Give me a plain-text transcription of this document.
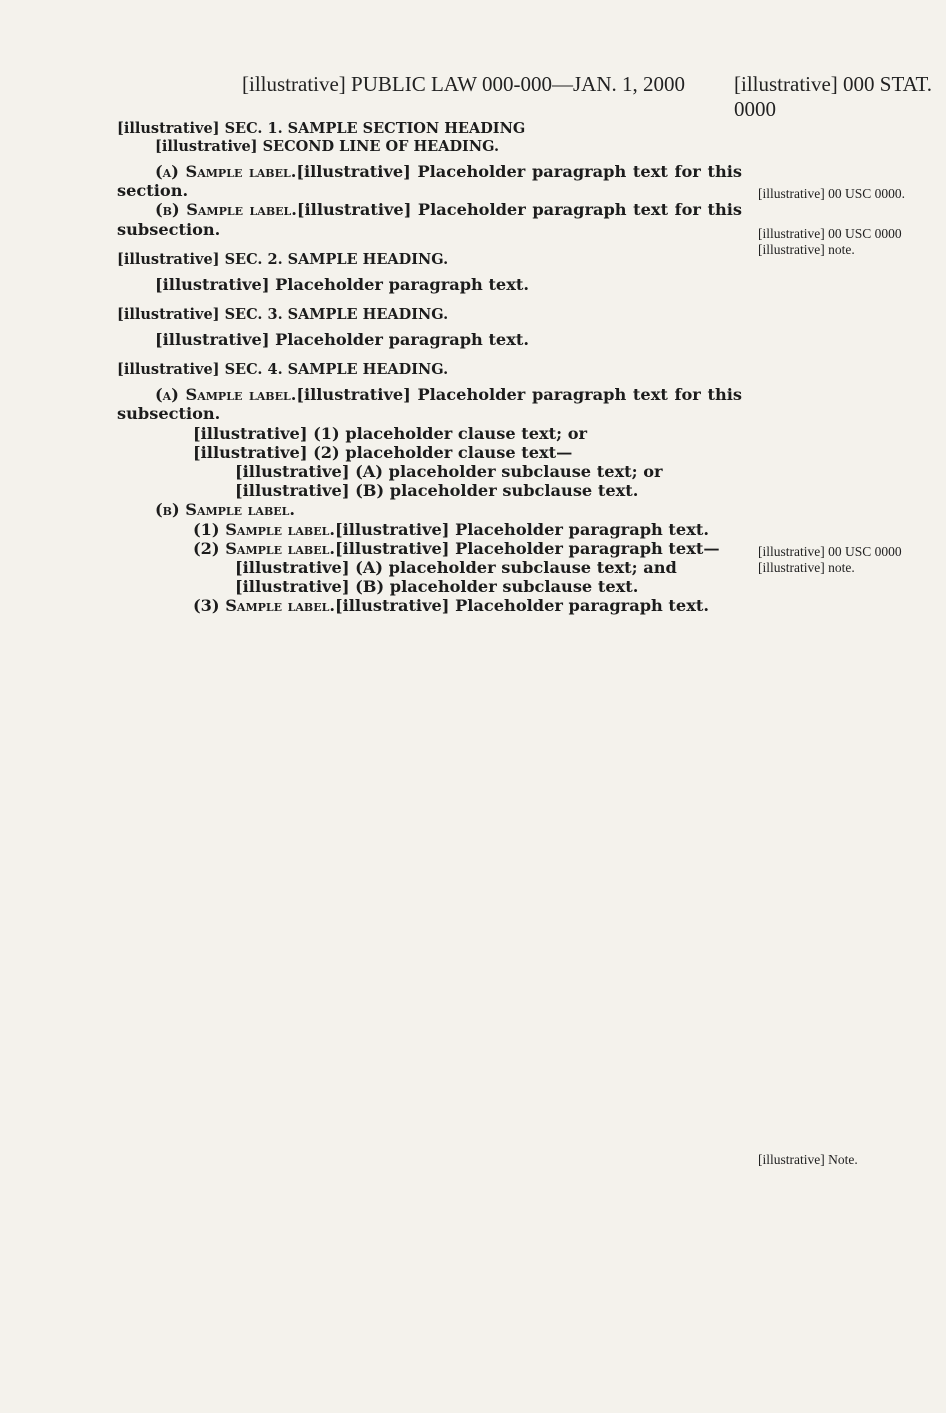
[illustrative] PUBLIC LAW 000-000—JAN. 1, 2000 [illustrative] 000 STAT. 0000
[illustrative] SEC. 1. SAMPLE SECTION HEADING
[illustrative] SECOND LINE OF HEADING.

(a) Sample label.[illustrative] Placeholder paragraph text for this section.

(b) Sample label.[illustrative] Placeholder paragraph text for this subsection.

[illustrative] SEC. 2. SAMPLE HEADING.

[illustrative] Placeholder paragraph text.

[illustrative] SEC. 3. SAMPLE HEADING.

[illustrative] Placeholder paragraph text.

[illustrative] SEC. 4. SAMPLE HEADING.

(a) Sample label.[illustrative] Placeholder paragraph text for this subsection.

[illustrative] (1) placeholder clause text; or

[illustrative] (2) placeholder clause text—

[illustrative] (A) placeholder subclause text; or

[illustrative] (B) placeholder subclause text.

(b) Sample label.

(1) Sample label.[illustrative] Placeholder paragraph text.

(2) Sample label.[illustrative] Placeholder paragraph text—

[illustrative] (A) placeholder subclause text; and

[illustrative] (B) placeholder subclause text.

(3) Sample label.[illustrative] Placeholder paragraph text.

[illustrative] 00 USC 0000.
[illustrative] 00 USC 0000
[illustrative] note.
[illustrative] 00 USC 0000
[illustrative] note.
[illustrative] Note.
